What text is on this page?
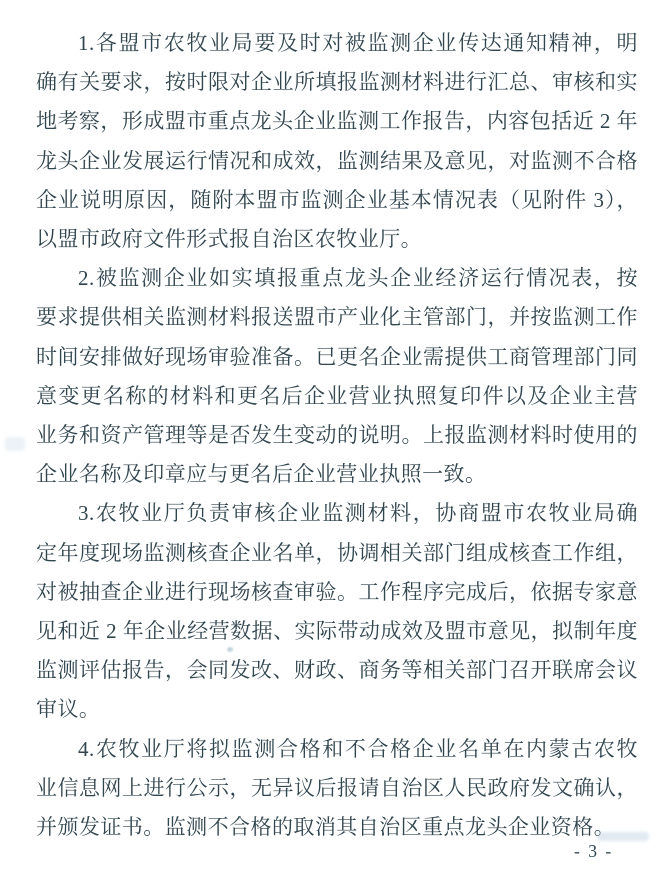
1.各盟市农牧业局要及时对被监测企业传达通知精神，明
确有关要求，按时限对企业所填报监测材料进行汇总、审核和实
地考察，形成盟市重点龙头企业监测工作报告，内容包括近 2 年
龙头企业发展运行情况和成效，监测结果及意见，对监测不合格
企业说明原因，随附本盟市监测企业基本情况表（见附件 3），
以盟市政府文件形式报自治区农牧业厅。
2.被监测企业如实填报重点龙头企业经济运行情况表，按
要求提供相关监测材料报送盟市产业化主管部门，并按监测工作
时间安排做好现场审验准备。已更名企业需提供工商管理部门同
意变更名称的材料和更名后企业营业执照复印件以及企业主营
业务和资产管理等是否发生变动的说明。上报监测材料时使用的
企业名称及印章应与更名后企业营业执照一致。
3.农牧业厅负责审核企业监测材料，协商盟市农牧业局确
定年度现场监测核查企业名单，协调相关部门组成核查工作组，
对被抽查企业进行现场核查审验。工作程序完成后，依据专家意
见和近 2 年企业经营数据、实际带动成效及盟市意见，拟制年度
监测评估报告，会同发改、财政、商务等相关部门召开联席会议
审议。
4.农牧业厅将拟监测合格和不合格企业名单在内蒙古农牧
业信息网上进行公示，无异议后报请自治区人民政府发文确认，
并颁发证书。监测不合格的取消其自治区重点龙头企业资格。
- 3 -
